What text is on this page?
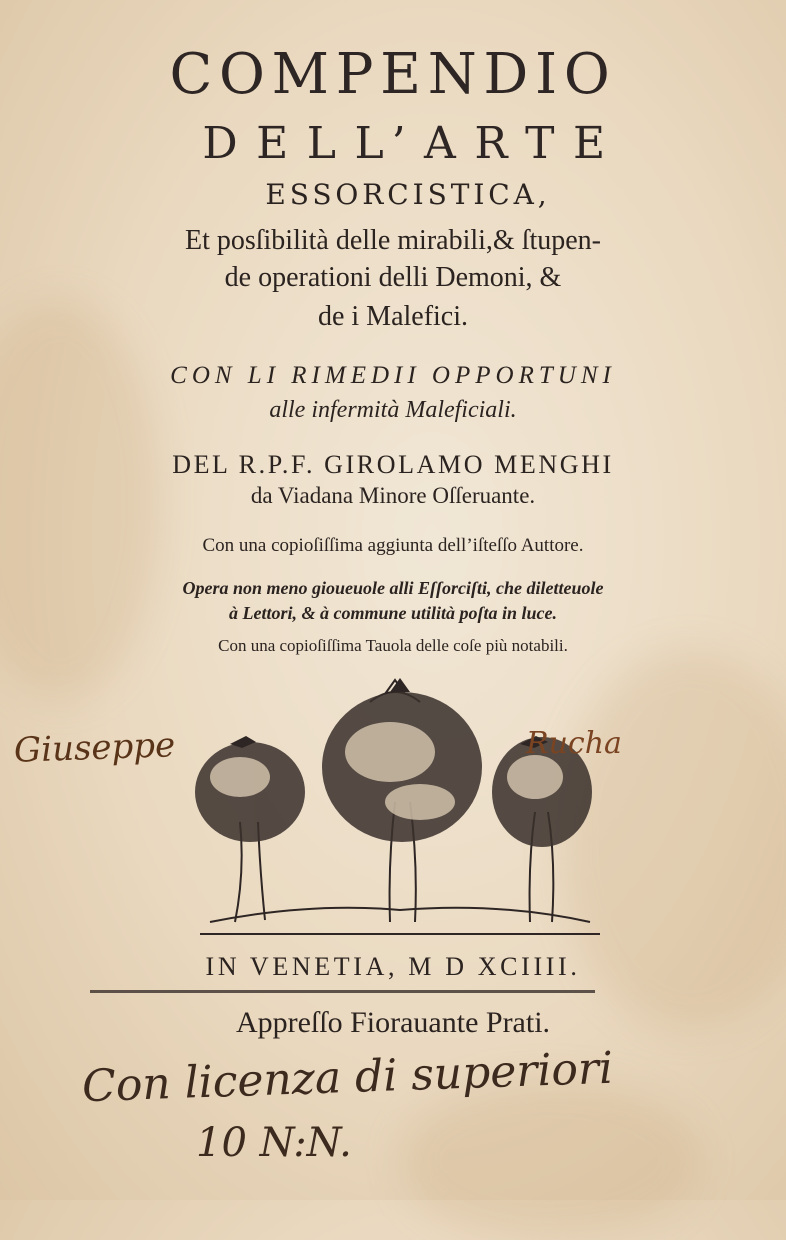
COMPENDIO
DELL’ARTE
ESSORCISTICA,
Et posſibilità delle mirabili,& ſtupen-
de operationi delli Demoni, &
de i Malefici.
CON LI RIMEDII OPPORTUNI
alle infermità Maleficiali.
DEL R.P.F. GIROLAMO MENGHI
da Viadana Minore Oſſeruante.
Con una copioſiſſima aggiunta dell’iſteſſo Auttore.
Opera non meno gioueuole alli Eſſorciſti, che diletteuole
à Lettori, & à commune utilità poſta in luce.
Con una copioſiſſima Tauola delle coſe più notabili.
IN VENETIA, M D XCIIII.
Appreſſo Fiorauante Prati.
Giuseppe	Rucha
Con licenza di superiori
10 N:N.
